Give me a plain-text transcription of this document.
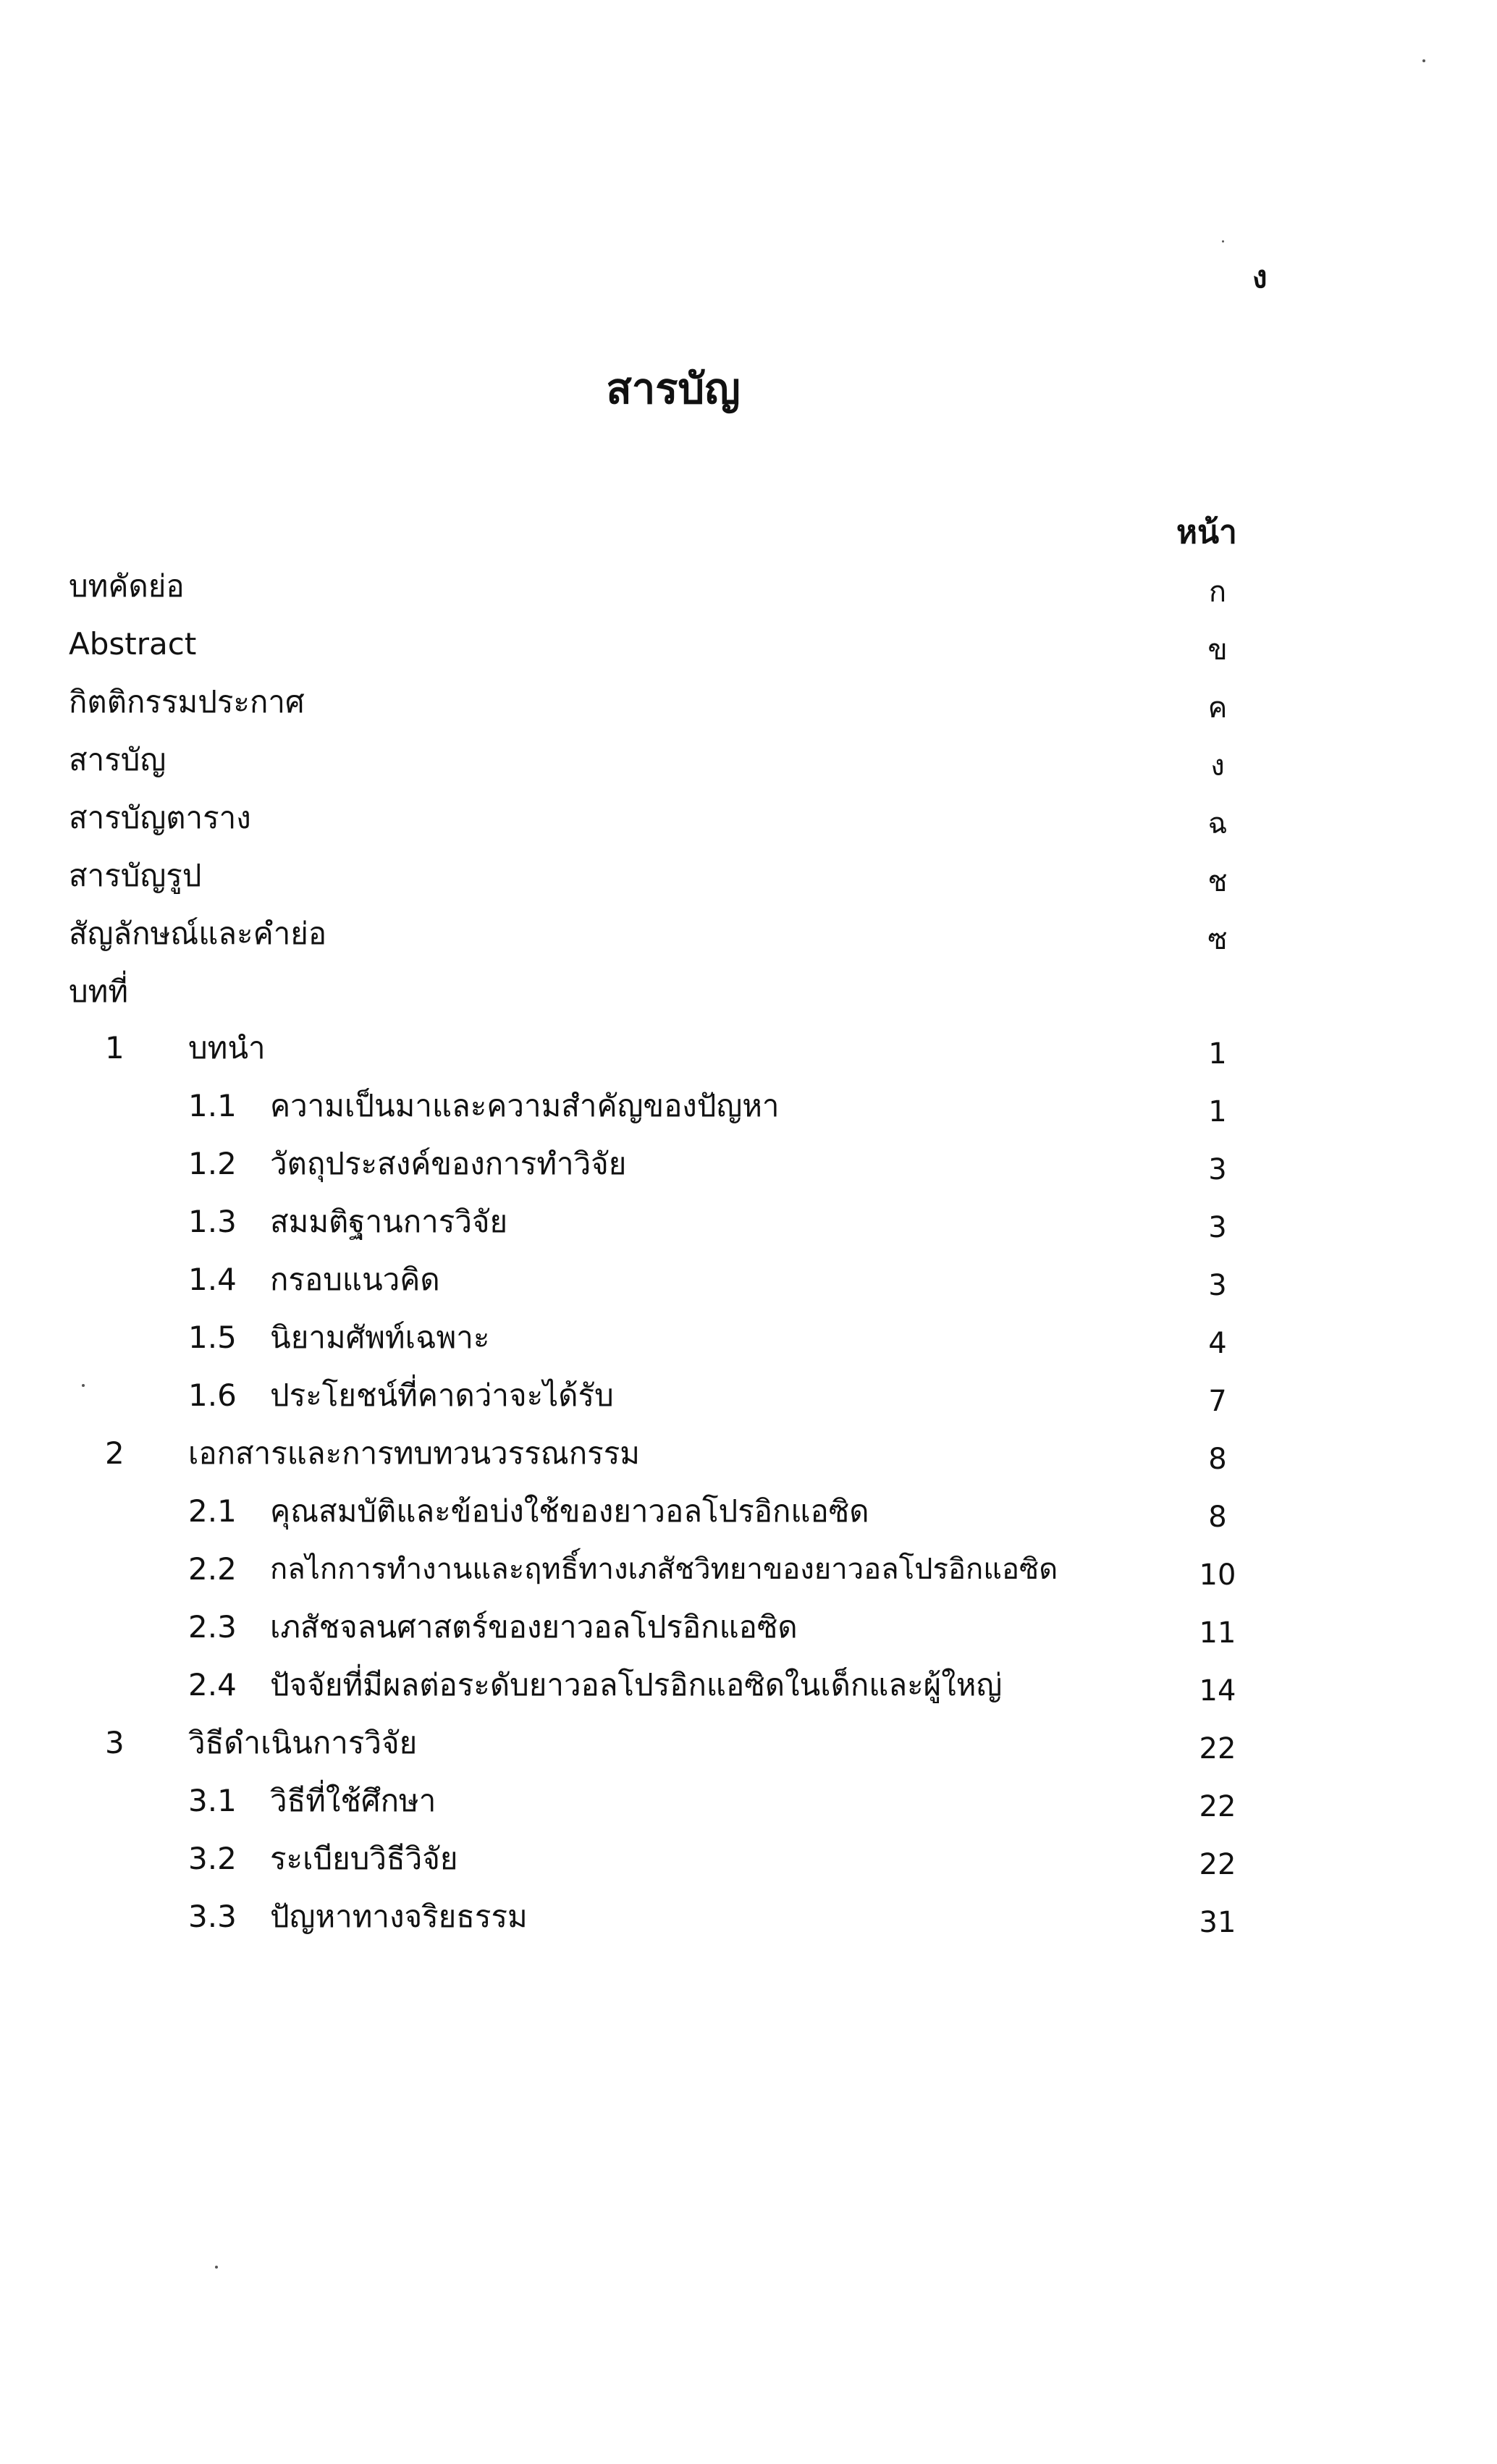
ง
สารบัญ
หน้า
บทคัดย่อ	ก
Abstract	ข
กิตติกรรมประกาศ	ค
สารบัญ	ง
สารบัญตาราง	ฉ
สารบัญรูป	ช
สัญลักษณ์และคำย่อ	ซ
บทที่
1 บทนำ	1
1.1 ความเป็นมาและความสำคัญของปัญหา	1
1.2 วัตถุประสงค์ของการทำวิจัย	3
1.3 สมมติฐานการวิจัย	3
1.4 กรอบแนวคิด	3
1.5 นิยามศัพท์เฉพาะ	4
1.6 ประโยชน์ที่คาดว่าจะได้รับ	7
2 เอกสารและการทบทวนวรรณกรรม	8
2.1 คุณสมบัติและข้อบ่งใช้ของยาวอลโปรอิกแอซิด	8
2.2 กลไกการทำงานและฤทธิ์ทางเภสัชวิทยาของยาวอลโปรอิกแอซิด	10
2.3 เภสัชจลนศาสตร์ของยาวอลโปรอิกแอซิด	11
2.4 ปัจจัยที่มีผลต่อระดับยาวอลโปรอิกแอซิดในเด็กและผู้ใหญ่	14
3 วิธีดำเนินการวิจัย	22
3.1 วิธีที่ใช้ศึกษา	22
3.2 ระเบียบวิธีวิจัย	22
3.3 ปัญหาทางจริยธรรม	31
